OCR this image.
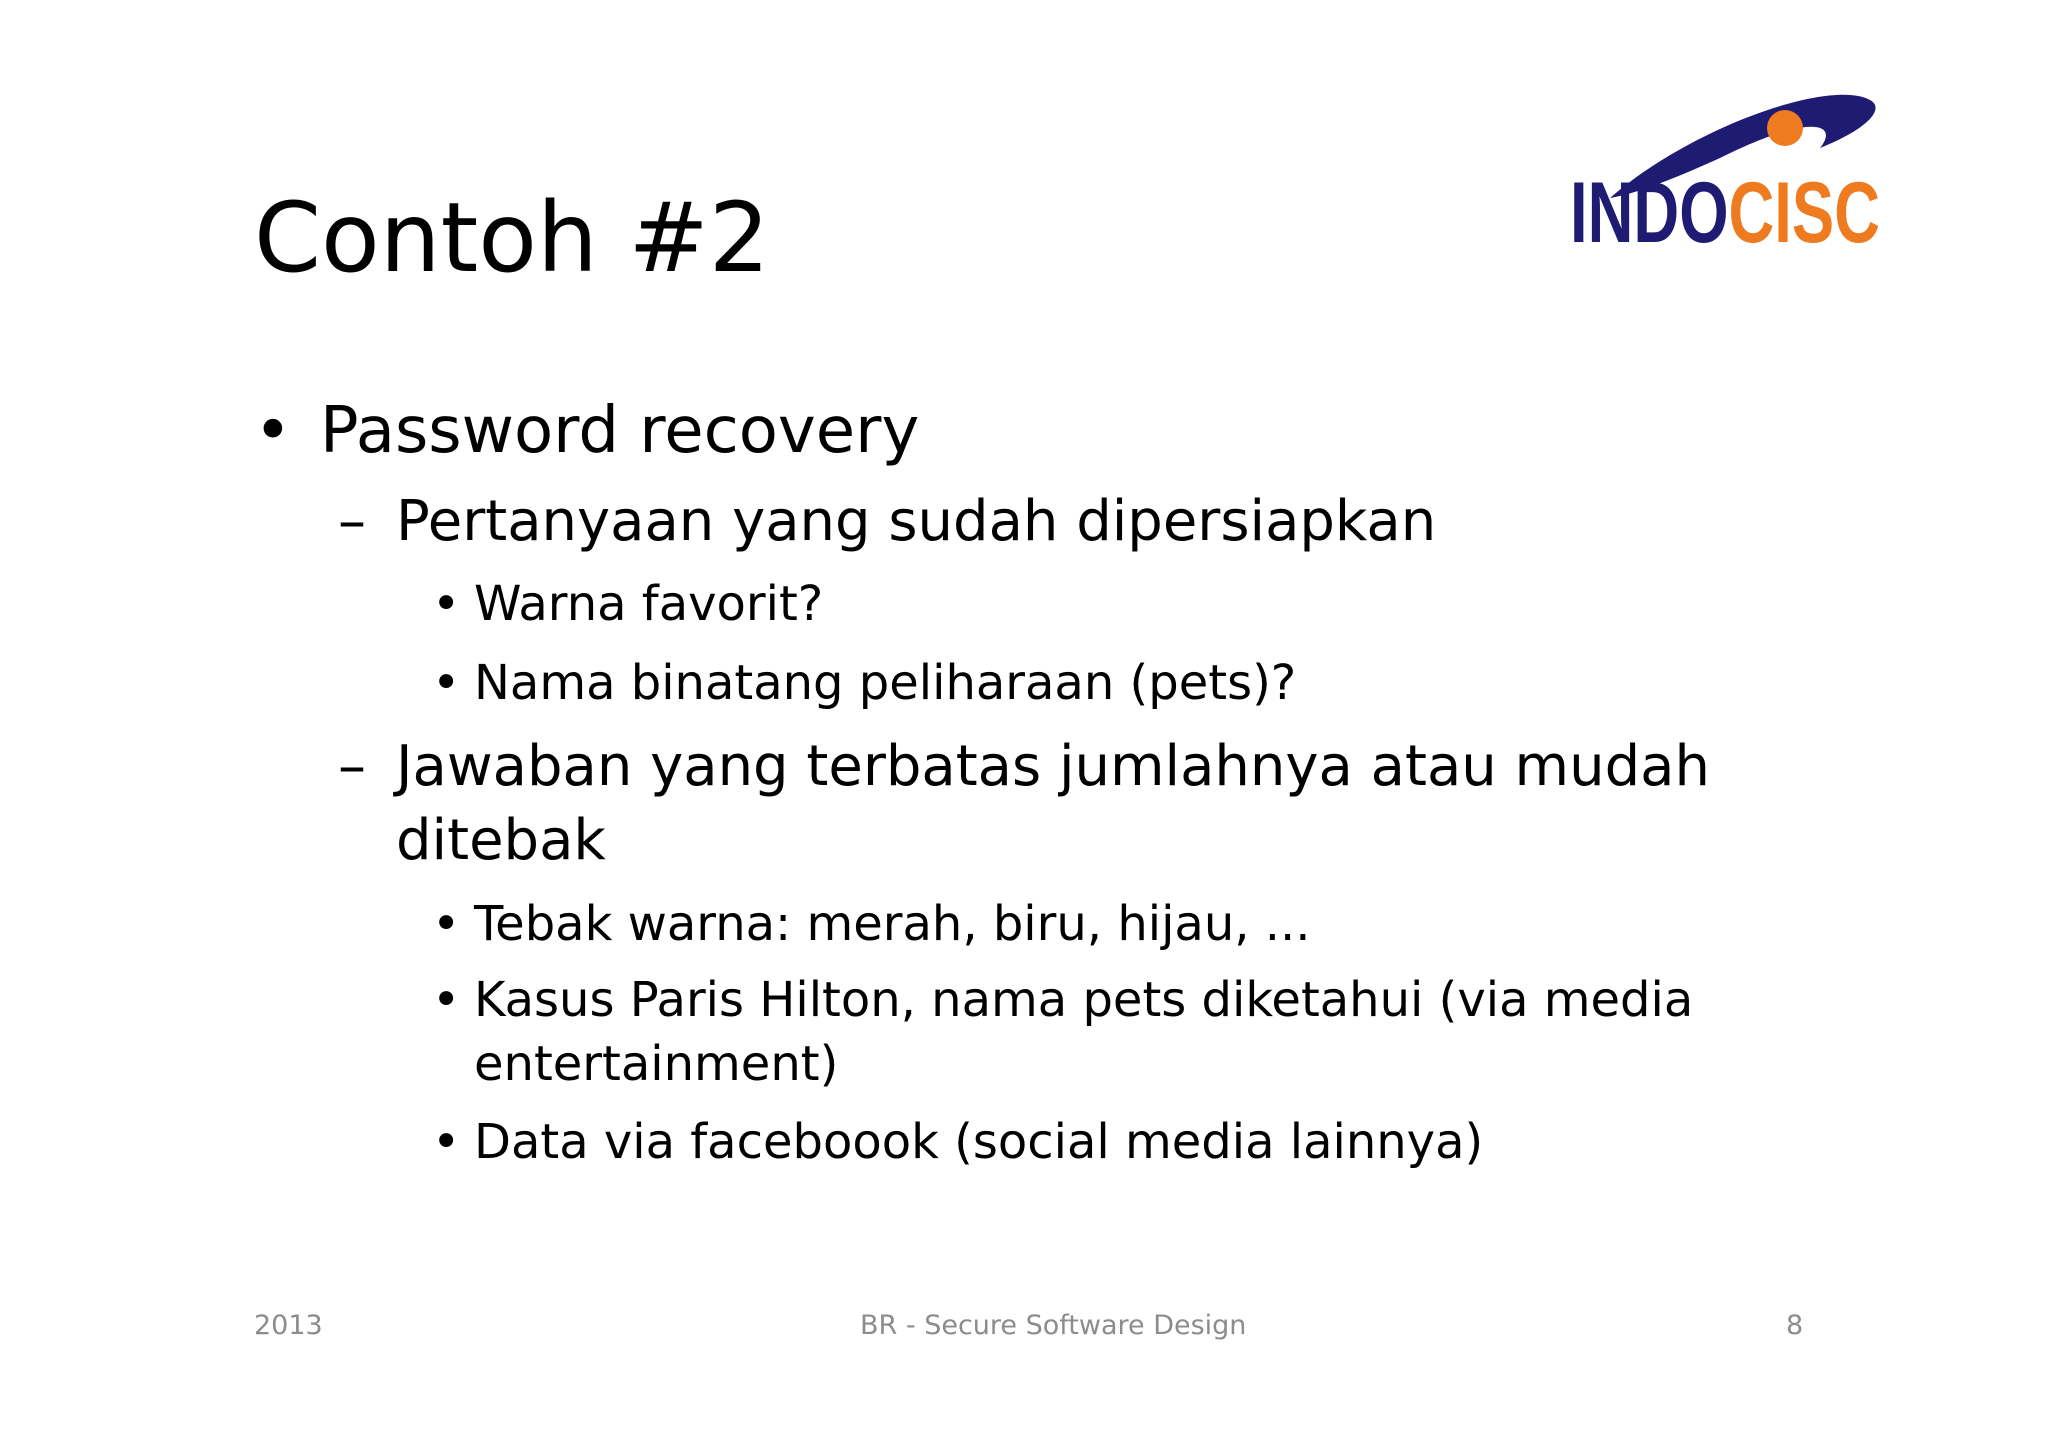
Contoh #2	INDOCISC
• Password recovery
– Pertanyaan yang sudah dipersiapkan
• Warna favorit?
• Nama binatang peliharaan (pets)?
– Jawaban yang terbatas jumlahnya atau mudah
ditebak
• Tebak warna: merah, biru, hijau, ...
• Kasus Paris Hilton, nama pets diketahui (via media
entertainment)
• Data via faceboook (social media lainnya)
2013	BR - Secure Software Design	8
